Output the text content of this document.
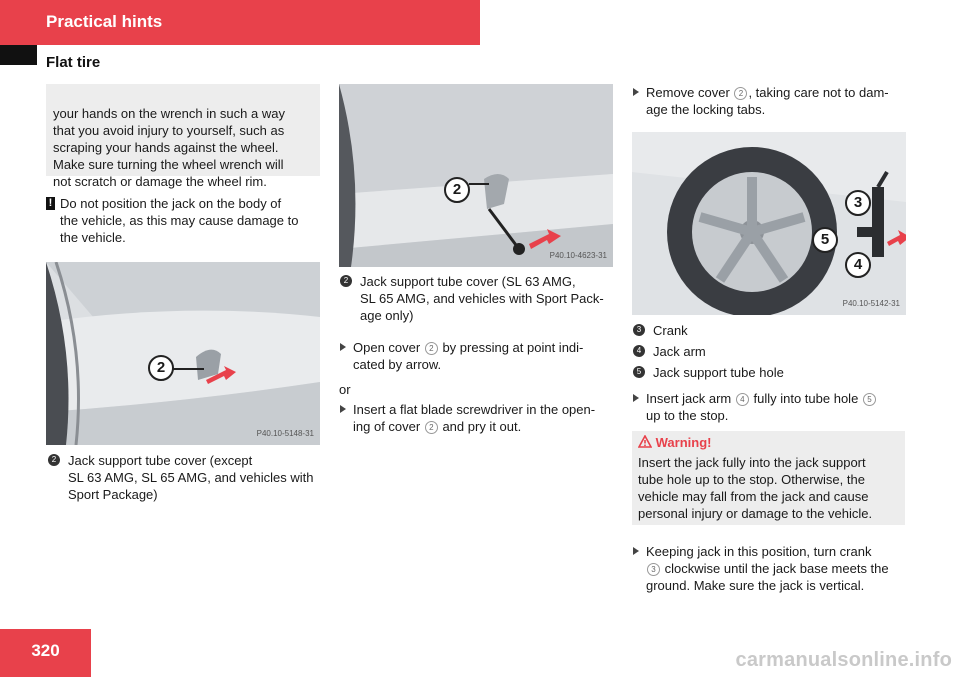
Practical hints
Flat tire

your hands on the wrench in such a way
that you avoid injury to yourself, such as
scraping your hands against the wheel.
Make sure turning the wheel wrench will
not scratch or damage the wheel rim.

! Do not position the jack on the body of
the vehicle, as this may cause damage to
the vehicle.
2
P40.10-5148-31
2 Jack support tube cover (except
SL 63 AMG, SL 65 AMG, and vehicles with
Sport Package)
2
P40.10-4623-31
2 Jack support tube cover (SL 63 AMG,
SL 65 AMG, and vehicles with Sport Pack-
age only)
Open cover 2 by pressing at point indi-
cated by arrow.
or
Insert a flat blade screwdriver in the open-
ing of cover 2 and pry it out.
Remove cover 2 , taking care not to dam-
age the locking tabs.
3
5
4
P40.10-5142-31
3 Crank
4 Jack arm
5 Jack support tube hole
Insert jack arm 4 fully into tube hole 5
up to the stop.
Warning!
Insert the jack fully into the jack support
tube hole up to the stop. Otherwise, the
vehicle may fall from the jack and cause
personal injury or damage to the vehicle.
Keeping jack in this position, turn crank
3 clockwise until the jack base meets the
ground. Make sure the jack is vertical.
320	carmanualsonline.info
